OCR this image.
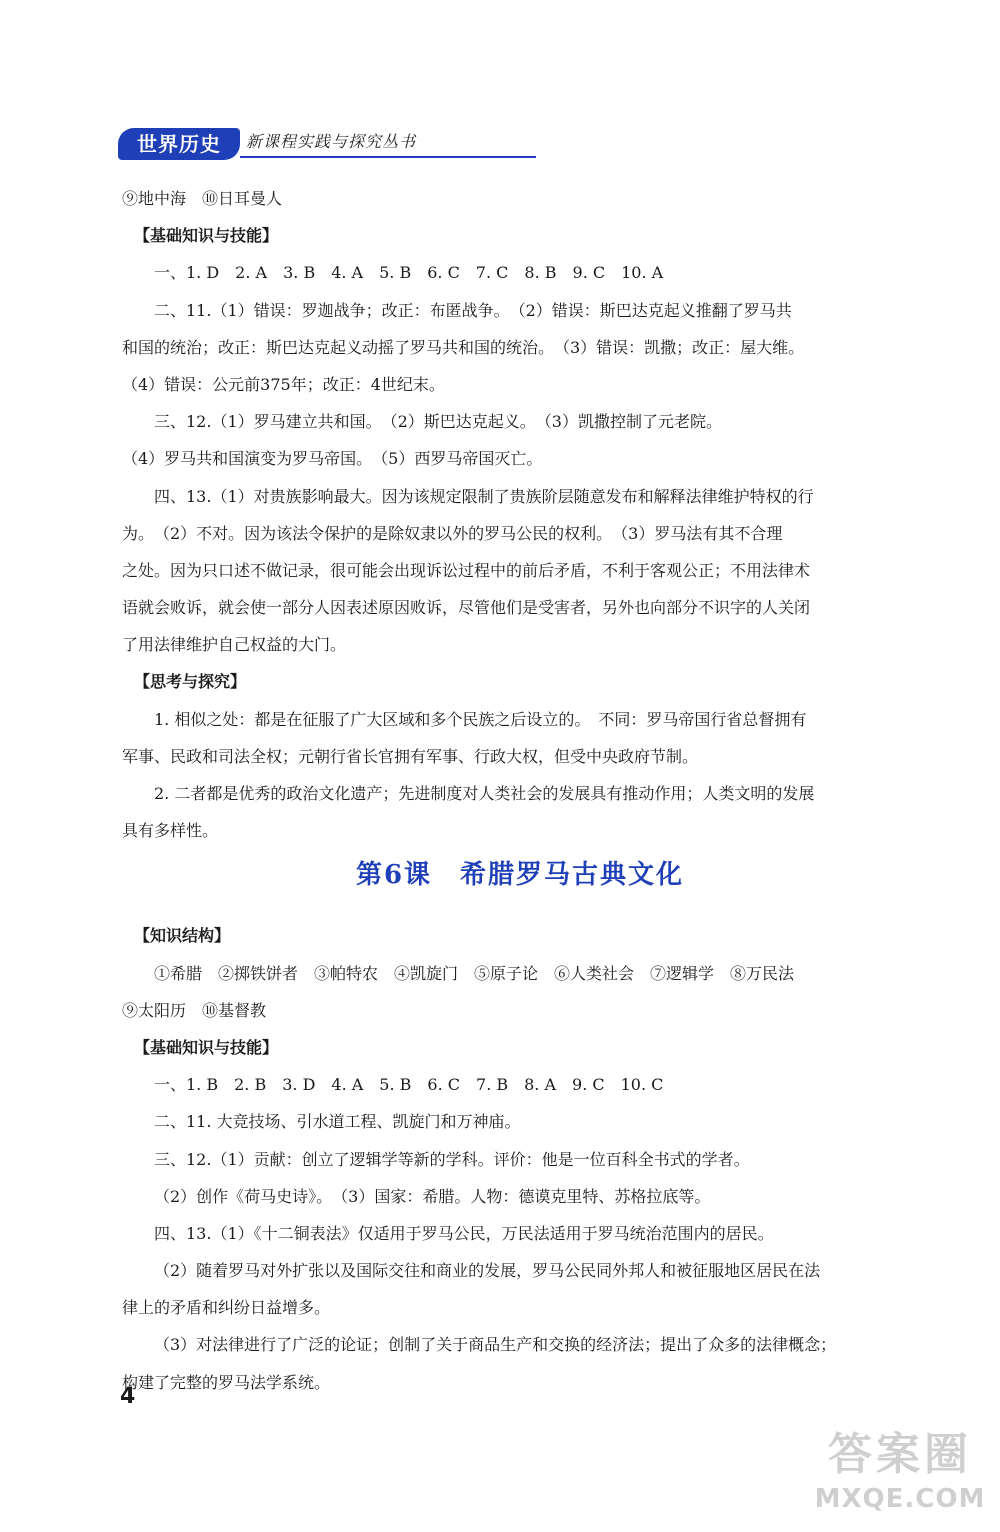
世界历史	新课程实践与探究丛书

⑨地中海　⑩日耳曼人

【基础知识与技能】

一、1. D　2. A　3. B　4. A　5. B　6. C　7. C　8. B　9. C　10. A

二、11.（1）错误：罗迦战争；改正：布匿战争。　（2）错误：斯巴达克起义推翻了罗马共

和国的统治；改正：斯巴达克起义动摇了罗马共和国的统治。　（3）错误：凯撒；改正：屋大维。

（4）错误：公元前375年；改正：4世纪末。

三、12.（1）罗马建立共和国。　（2）斯巴达克起义。　（3）凯撒控制了元老院。

（4）罗马共和国演变为罗马帝国。　（5）西罗马帝国灭亡。

四、13.（1）对贵族影响最大。因为该规定限制了贵族阶层随意发布和解释法律维护特权的行

为。　（2）不对。因为该法令保护的是除奴隶以外的罗马公民的权利。　（3）罗马法有其不合理

之处。因为只口述不做记录，很可能会出现诉讼过程中的前后矛盾，不利于客观公正；不用法律术

语就会败诉，就会使一部分人因表述原因败诉，尽管他们是受害者，另外也向部分不识字的人关闭

了用法律维护自己权益的大门。

【思考与探究】

1. 相似之处：都是在征服了广大区域和多个民族之后设立的。　不同：罗马帝国行省总督拥有

军事、民政和司法全权；元朝行省长官拥有军事、行政大权，但受中央政府节制。

2. 二者都是优秀的政治文化遗产；先进制度对人类社会的发展具有推动作用；人类文明的发展

具有多样性。

第6课　希腊罗马古典文化

【知识结构】

①希腊　②掷铁饼者　③帕特农　④凯旋门　⑤原子论　⑥人类社会　⑦逻辑学　⑧万民法

⑨太阳历　⑩基督教

【基础知识与技能】

一、1. B　2. B　3. D　4. A　5. B　6. C　7. B　8. A　9. C　10. C

二、11. 大竞技场、引水道工程、凯旋门和万神庙。

三、12.（1）贡献：创立了逻辑学等新的学科。评价：他是一位百科全书式的学者。

（2）创作《荷马史诗》。　（3）国家：希腊。人物：德谟克里特、苏格拉底等。

四、13.（1）《十二铜表法》仅适用于罗马公民，万民法适用于罗马统治范围内的居民。

（2）随着罗马对外扩张以及国际交往和商业的发展，罗马公民同外邦人和被征服地区居民在法

律上的矛盾和纠纷日益增多。

（3）对法律进行了广泛的论证；创制了关于商品生产和交换的经济法；提出了众多的法律概念；

构建了完整的罗马法学系统。

4
答案圈
MXQE.COM
